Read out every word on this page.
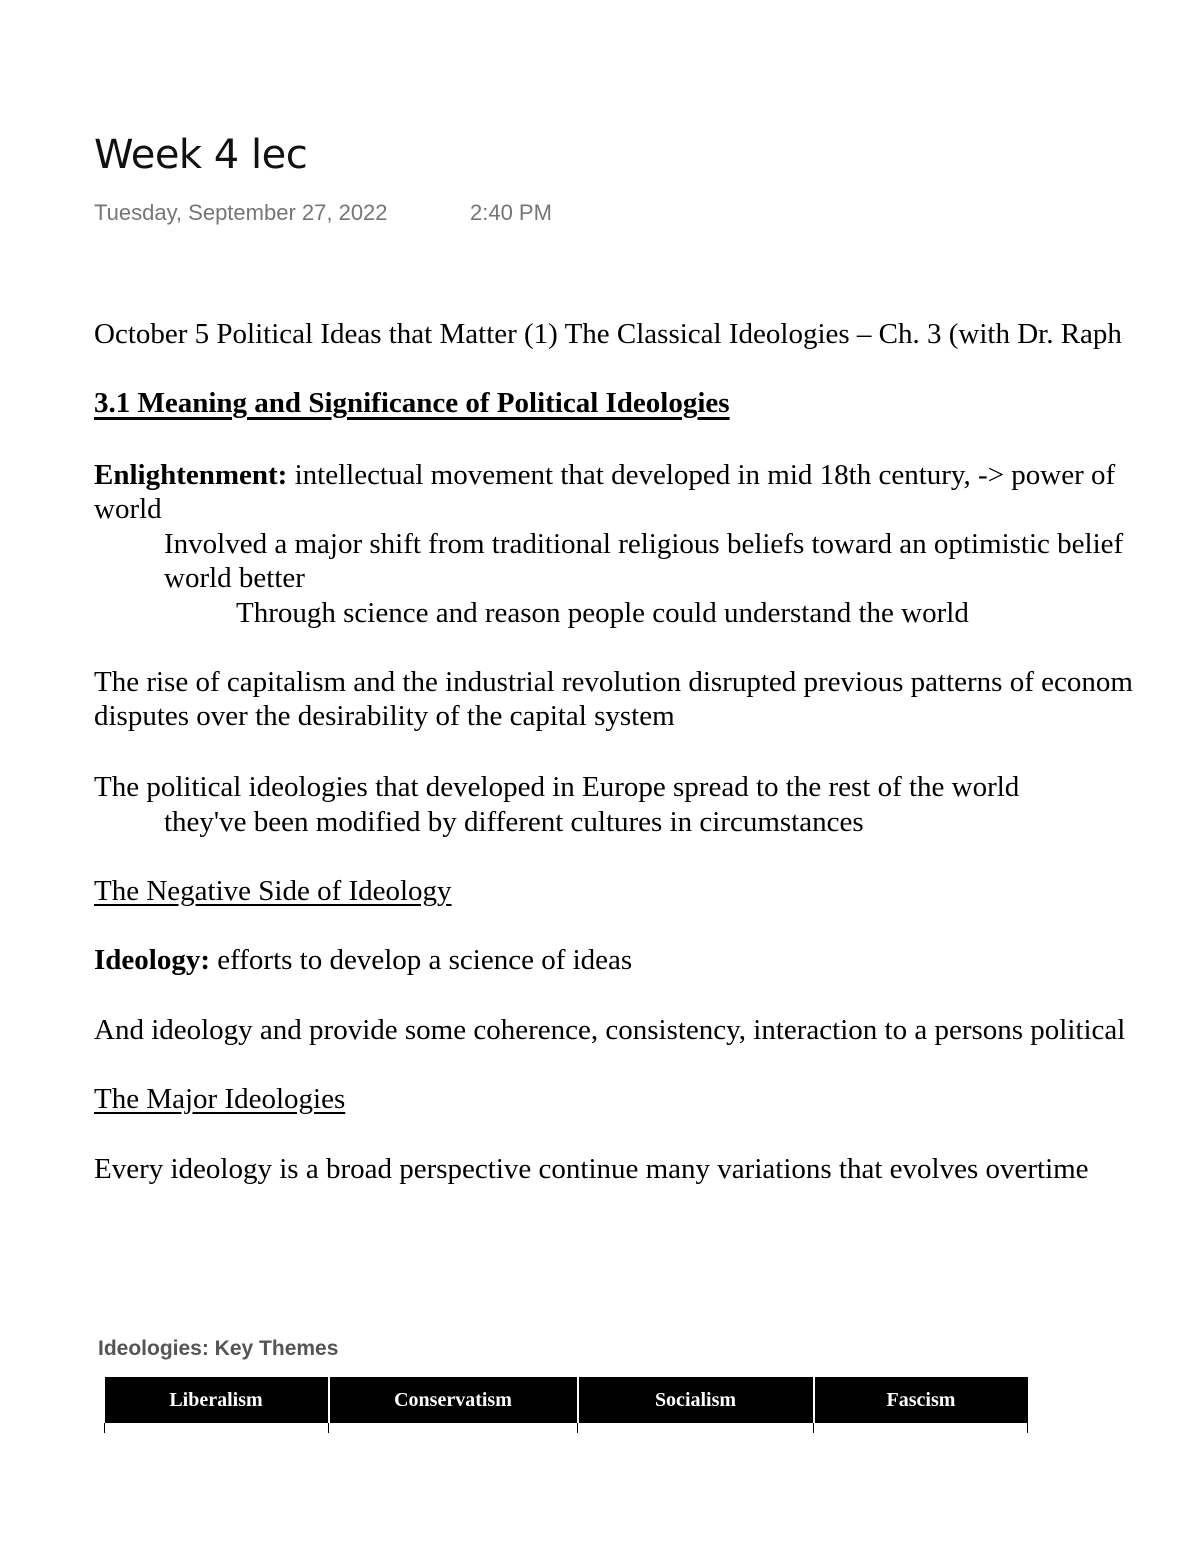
Week 4 lec
Tuesday, September 27, 2022	2:40 PM
October 5 Political Ideas that Matter (1) The Classical Ideologies – Ch. 3 (with Dr. Raph
3.1 Meaning and Significance of Political Ideologies
Enlightenment: intellectual movement that developed in mid 18th century, -> power of
world
Involved a major shift from traditional religious beliefs toward an optimistic belief
world better
Through science and reason people could understand the world
The rise of capitalism and the industrial revolution disrupted previous patterns of econom
disputes over the desirability of the capital system
The political ideologies that developed in Europe spread to the rest of the world
they've been modified by different cultures in circumstances
The Negative Side of Ideology
Ideology: efforts to develop a science of ideas
And ideology and provide some coherence, consistency, interaction to a persons political
The Major Ideologies
Every ideology is a broad perspective continue many variations that evolves overtime
Ideologies: Key Themes
Liberalism	Conservatism	Socialism	Fascism
